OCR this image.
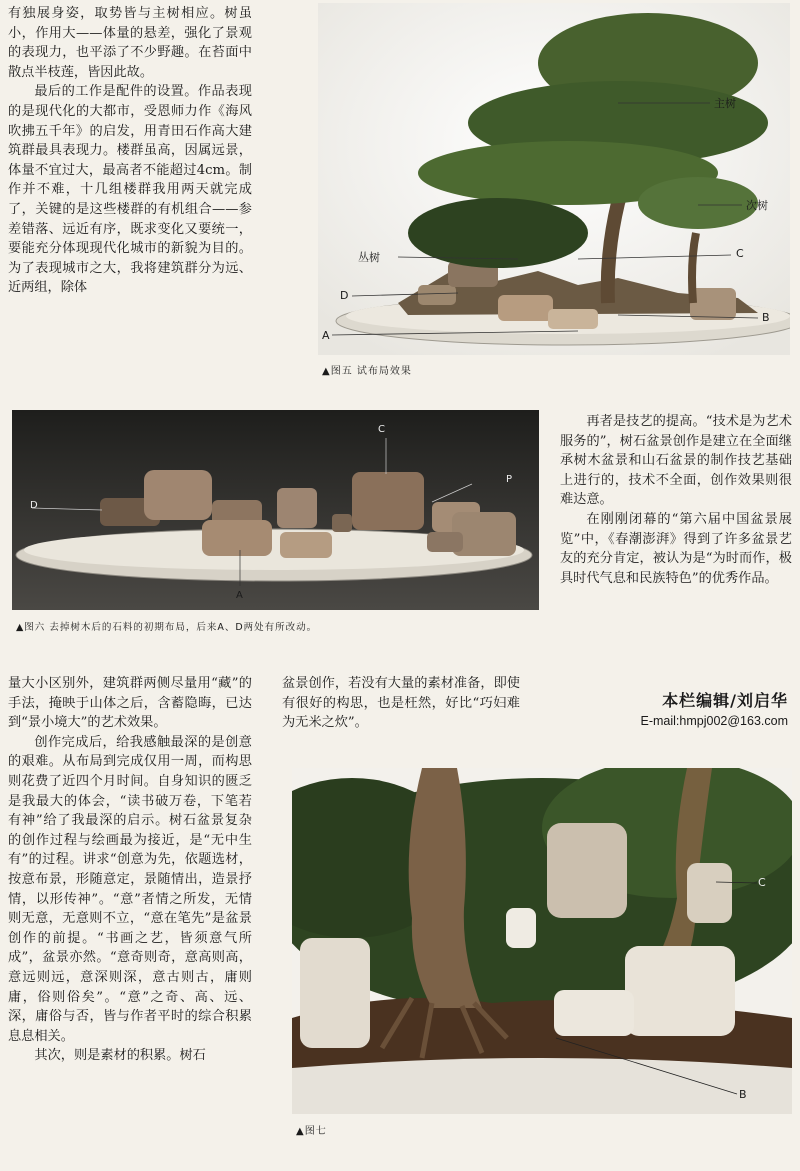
有独展身姿，取势皆与主树相应。树虽小，作用大——体量的悬差，强化了景观的表现力，也平添了不少野趣。在苔面中散点半枝莲，皆因此故。

最后的工作是配件的设置。作品表现的是现代化的大都市，受恩师力作《海风吹拂五千年》的启发，用青田石作高大建筑群最具表现力。楼群虽高，因属远景，体量不宜过大，最高者不能超过4cm。制作并不难，十几组楼群我用两天就完成了，关键的是这些楼群的有机组合——参差错落、远近有序，既求变化又要统一，要能充分体现现代化城市的新貌为目的。为了表现城市之大，我将建筑群分为远、近两组，除体

主树
次树
丛树	C
D
B
A
▲图五 试布局效果
C
P
D
A
▲图六 去掉树木后的石料的初期布局，后来A、D两处有所改动。

再者是技艺的提高。“技术是为艺术服务的”，树石盆景创作是建立在全面继承树木盆景和山石盆景的制作技艺基础上进行的，技术不全面，创作效果则很难达意。

在刚刚闭幕的“第六届中国盆景展览”中，《春潮澎湃》得到了许多盆景艺友的充分肯定，被认为是“为时而作，极具时代气息和民族特色”的优秀作品。

量大小区别外，建筑群两侧尽量用“藏”的手法，掩映于山体之后，含蓄隐晦，已达到“景小境大”的艺术效果。

创作完成后，给我感触最深的是创意的艰难。从布局到完成仅用一周，而构思则花费了近四个月时间。自身知识的匮乏是我最大的体会，“读书破万卷，下笔若有神”给了我最深的启示。树石盆景复杂的创作过程与绘画最为接近，是“无中生有”的过程。讲求“创意为先，依题选材，按意布景，形随意定，景随情出，造景抒情，以形传神”。“意”者情之所发，无情则无意，无意则不立，“意在笔先”是盆景创作的前提。“书画之艺，皆须意气所成”，盆景亦然。“意奇则奇，意高则高，意远则远，意深则深，意古则古，庸则庸，俗则俗矣”。“意”之奇、高、远、深，庸俗与否，皆与作者平时的综合积累息息相关。

其次，则是素材的积累。树石

盆景创作，若没有大量的素材准备，即使有很好的构思，也是枉然，好比“巧妇难为无米之炊”。

本栏编辑/刘启华
E-mail:hmpj002@163.com
C
B
▲图七
